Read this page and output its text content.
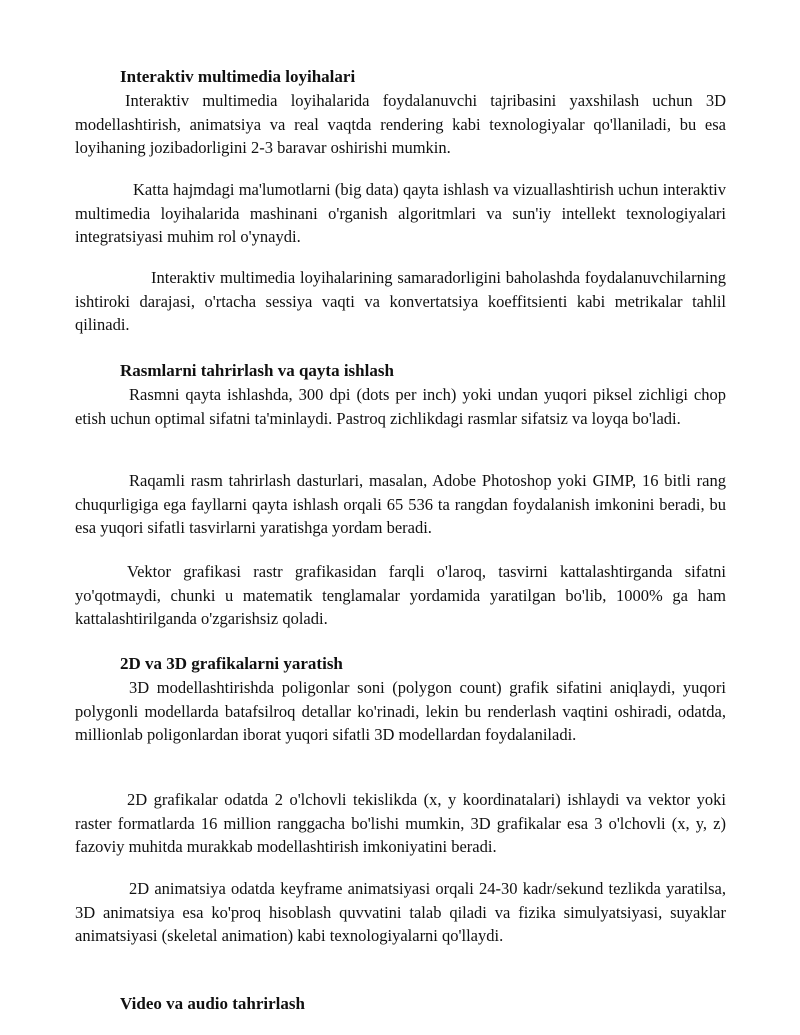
Interaktiv multimedia loyihalari

Interaktiv multimedia loyihalarida foydalanuvchi tajribasini yaxshilash uchun 3D modellashtirish, animatsiya va real vaqtda rendering kabi texnologiyalar qo'llaniladi, bu esa loyihaning jozibadorligini 2-3 baravar oshirishi mumkin.

Katta hajmdagi ma'lumotlarni (big data) qayta ishlash va vizuallashtirish uchun interaktiv multimedia loyihalarida mashinani o'rganish algoritmlari va sun'iy intellekt texnologiyalari integratsiyasi muhim rol o'ynaydi.

Interaktiv multimedia loyihalarining samaradorligini baholashda foydalanuvchilarning ishtiroki darajasi, o'rtacha sessiya vaqti va konvertatsiya koeffitsienti kabi metrikalar tahlil qilinadi.

Rasmlarni tahrirlash va qayta ishlash

Rasmni qayta ishlashda, 300 dpi (dots per inch) yoki undan yuqori piksel zichligi chop etish uchun optimal sifatni ta'minlaydi. Pastroq zichlikdagi rasmlar sifatsiz va loyqa bo'ladi.

Raqamli rasm tahrirlash dasturlari, masalan, Adobe Photoshop yoki GIMP, 16 bitli rang chuqurligiga ega fayllarni qayta ishlash orqali 65 536 ta rangdan foydalanish imkonini beradi, bu esa yuqori sifatli tasvirlarni yaratishga yordam beradi.

Vektor grafikasi rastr grafikasidan farqli o'laroq, tasvirni kattalashtirganda sifatni yo'qotmaydi, chunki u matematik tenglamalar yordamida yaratilgan bo'lib, 1000% ga ham kattalashtirilganda o'zgarishsiz qoladi.

2D va 3D grafikalarni yaratish

3D modellashtirishda poligonlar soni (polygon count) grafik sifatini aniqlaydi, yuqori polygonli modellarda batafsilroq detallar ko'rinadi, lekin bu renderlash vaqtini oshiradi, odatda, millionlab poligonlardan iborat yuqori sifatli 3D modellardan foydalaniladi.

2D grafikalar odatda 2 o'lchovli tekislikda (x, y koordinatalari) ishlaydi va vektor yoki raster formatlarda 16 million ranggacha bo'lishi mumkin, 3D grafikalar esa 3 o'lchovli (x, y, z) fazoviy muhitda murakkab modellashtirish imkoniyatini beradi.

2D animatsiya odatda keyframe animatsiyasi orqali 24-30 kadr/sekund tezlikda yaratilsa, 3D animatsiya esa ko'proq hisoblash quvvatini talab qiladi va fizika simulyatsiyasi, suyaklar animatsiyasi (skeletal animation) kabi texnologiyalarni qo'llaydi.

Video va audio tahrirlash
